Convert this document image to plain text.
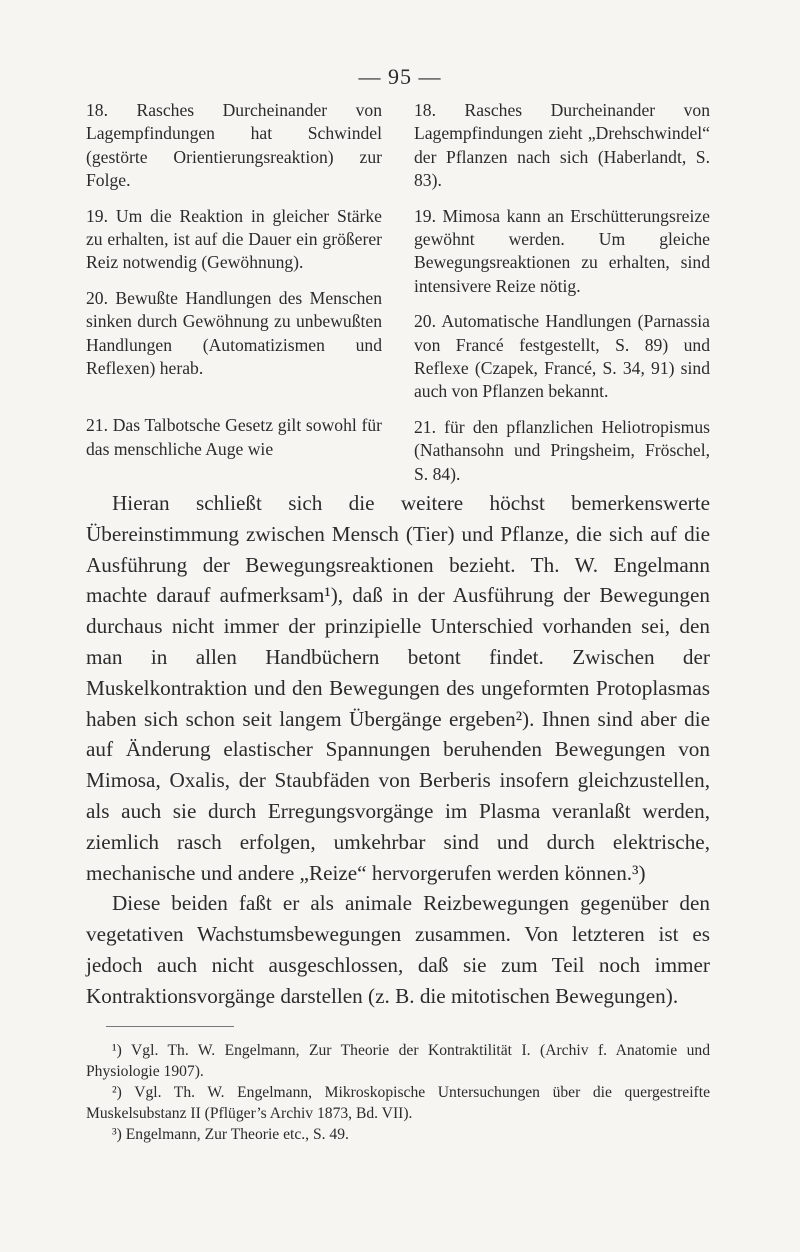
— 95 —

18. Rasches Durcheinander von Lagempfindungen hat Schwindel (gestörte Orientierungsreaktion) zur Folge.

19. Um die Reaktion in gleicher Stärke zu erhalten, ist auf die Dauer ein größerer Reiz notwendig (Gewöhnung).

20. Bewußte Handlungen des Menschen sinken durch Gewöhnung zu unbewußten Handlungen (Automatizismen und Reflexen) herab.

21. Das Talbotsche Gesetz gilt sowohl für das menschliche Auge wie

18. Rasches Durcheinander von Lagempfindungen zieht „Drehschwindel“ der Pflanzen nach sich (Haberlandt, S. 83).

19. Mimosa kann an Erschütterungsreize gewöhnt werden. Um gleiche Bewegungsreaktionen zu erhalten, sind intensivere Reize nötig.

20. Automatische Handlungen (Parnassia von Francé festgestellt, S. 89) und Reflexe (Czapek, Francé, S. 34, 91) sind auch von Pflanzen bekannt.

21. für den pflanzlichen Heliotropismus (Nathansohn und Pringsheim, Fröschel, S. 84).

Hieran schließt sich die weitere höchst bemerkenswerte Übereinstimmung zwischen Mensch (Tier) und Pflanze, die sich auf die Ausführung der Bewegungsreaktionen bezieht. Th. W. Engelmann machte darauf aufmerksam¹), daß in der Ausführung der Bewegungen durchaus nicht immer der prinzipielle Unterschied vorhanden sei, den man in allen Handbüchern betont findet. Zwischen der Muskelkontraktion und den Bewegungen des ungeformten Protoplasmas haben sich schon seit langem Übergänge ergeben²). Ihnen sind aber die auf Änderung elastischer Spannungen beruhenden Bewegungen von Mimosa, Oxalis, der Staubfäden von Berberis insofern gleichzustellen, als auch sie durch Erregungsvorgänge im Plasma veranlaßt werden, ziemlich rasch erfolgen, umkehrbar sind und durch elektrische, mechanische und andere „Reize“ hervorgerufen werden können.³)

Diese beiden faßt er als animale Reizbewegungen gegenüber den vegetativen Wachstumsbewegungen zusammen. Von letzteren ist es jedoch auch nicht ausgeschlossen, daß sie zum Teil noch immer Kontraktionsvorgänge darstellen (z. B. die mitotischen Bewegungen).

¹) Vgl. Th. W. Engelmann, Zur Theorie der Kontraktilität I. (Archiv f. Anatomie und Physiologie 1907).

²) Vgl. Th. W. Engelmann, Mikroskopische Untersuchungen über die quergestreifte Muskelsubstanz II (Pflüger’s Archiv 1873, Bd. VII).

³) Engelmann, Zur Theorie etc., S. 49.
